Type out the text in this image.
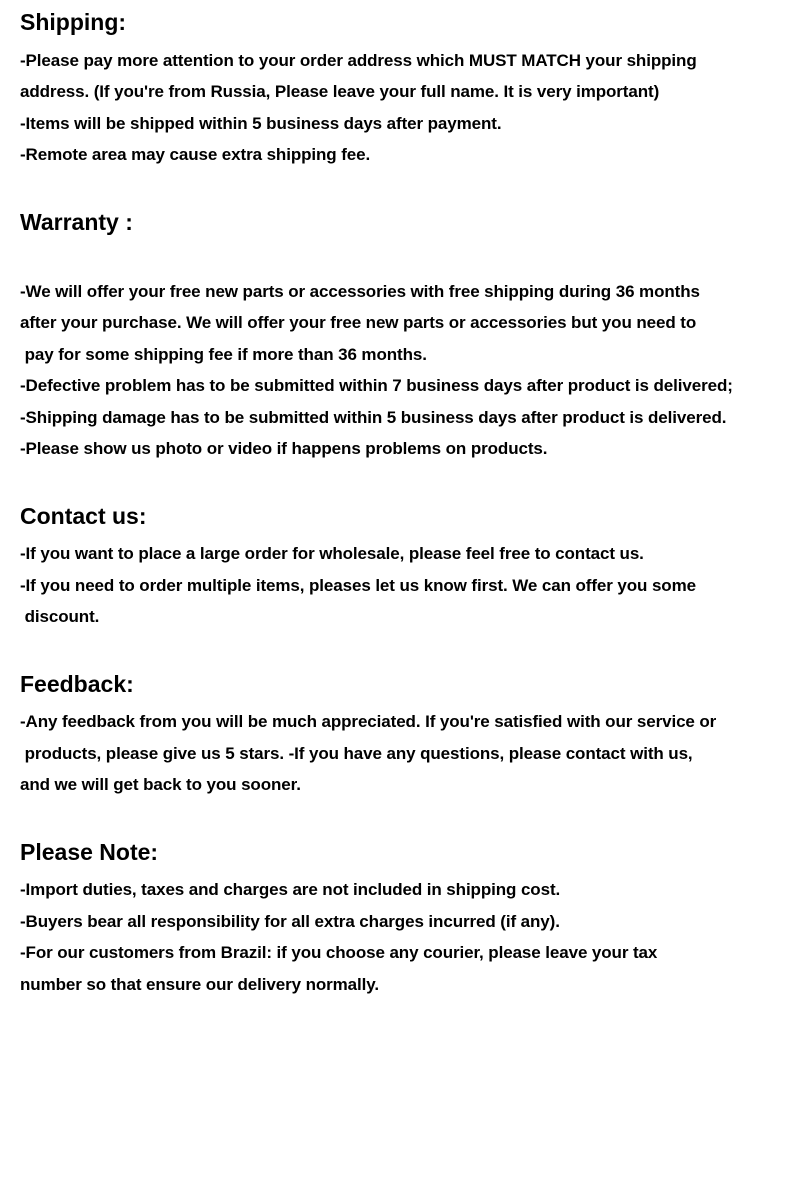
Shipping:
-Please pay more attention to your order address which MUST MATCH your shipping
address. (If you're from Russia, Please leave your full name. It is very important)
-Items will be shipped within 5 business days after payment.
-Remote area may cause extra shipping fee.
Warranty :
-We will offer your free new parts or accessories with free shipping during 36 months
after your purchase. We will offer your free new parts or accessories but you need to
pay for some shipping fee if more than 36 months.
-Defective problem has to be submitted within 7 business days after product is delivered;
-Shipping damage has to be submitted within 5 business days after product is delivered.
-Please show us photo or video if happens problems on products.
Contact us:
-If you want to place a large order for wholesale, please feel free to contact us.
-If you need to order multiple items, pleases let us know first. We can offer you some
discount.
Feedback:
-Any feedback from you will be much appreciated. If you're satisfied with our service or
products, please give us 5 stars. -If you have any questions, please contact with us,
and we will get back to you sooner.
Please Note:
-Import duties, taxes and charges are not included in shipping cost.
-Buyers bear all responsibility for all extra charges incurred (if any).
-For our customers from Brazil: if you choose any courier, please leave your tax
number so that ensure our delivery normally.
